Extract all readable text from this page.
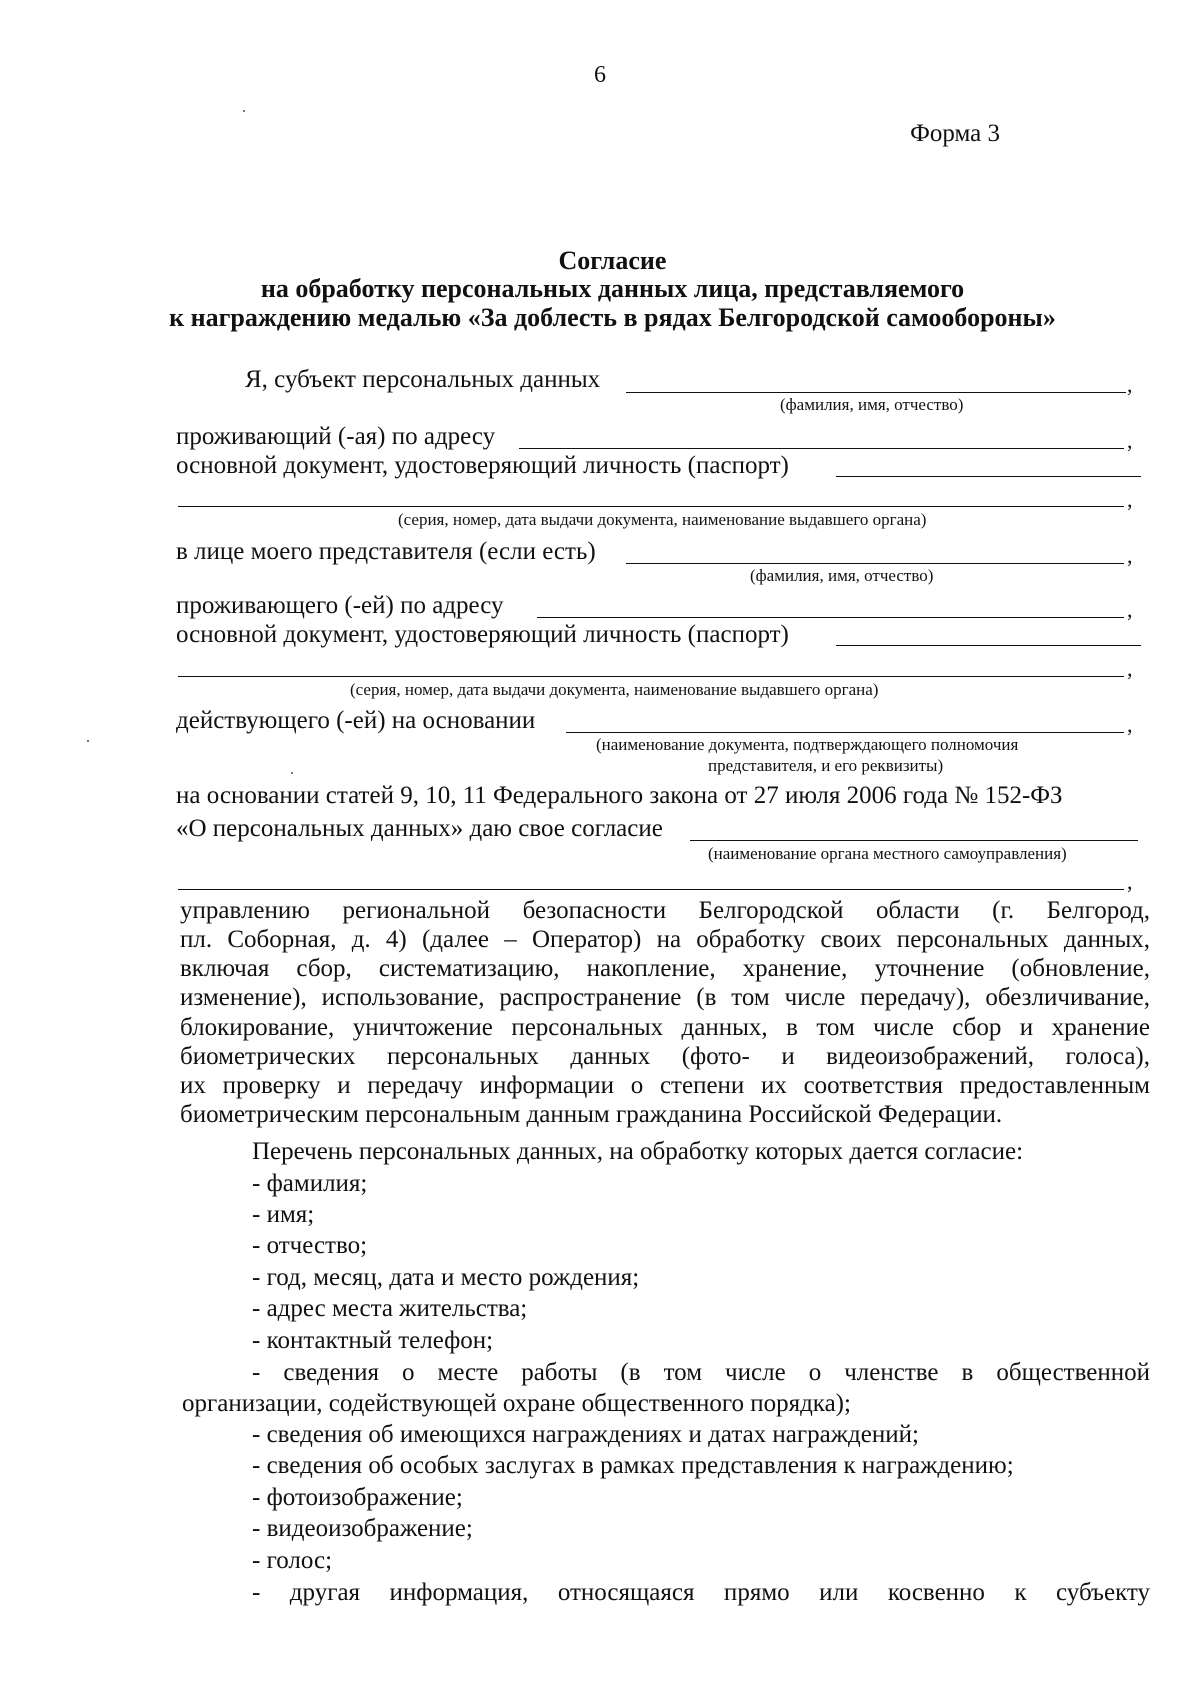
6
Форма 3
Согласие
на обработку персональных данных лица, представляемого
к награждению медалью «За доблесть в рядах Белгородской самообороны»
Я, субъект персональных данных	,
(фамилия, имя, отчество)
проживающий (-ая) по адресу	,
основной документ, удостоверяющий личность (паспорт)
,
(серия, номер, дата выдачи документа, наименование выдавшего органа)
в лице моего представителя (если есть)	,
(фамилия, имя, отчество)
проживающего (-ей) по адресу	,
основной документ, удостоверяющий личность (паспорт)
,
(серия, номер, дата выдачи документа, наименование выдавшего органа)
действующего (-ей) на основании	,
(наименование документа, подтверждающего полномочия
представителя, и его реквизиты)
на основании статей 9, 10, 11 Федерального закона от 27 июля 2006 года № 152-ФЗ
«О персональных данных» даю свое согласие
(наименование органа местного самоуправления)
,
управлению региональной безопасности Белгородской области (г. Белгород,
пл. Соборная, д. 4) (далее – Оператор) на обработку своих персональных данных,
включая сбор, систематизацию, накопление, хранение, уточнение (обновление,
изменение), использование, распространение (в том числе передачу), обезличивание,
блокирование, уничтожение персональных данных, в том числе сбор и хранение
биометрических персональных данных (фото- и видеоизображений, голоса),
их проверку и передачу информации о степени их соответствия предоставленным
биометрическим персональным данным гражданина Российской Федерации.
Перечень персональных данных, на обработку которых дается согласие:
- фамилия;
- имя;
- отчество;
- год, месяц, дата и место рождения;
- адрес места жительства;
- контактный телефон;
- сведения о месте работы (в том числе о членстве в общественной
организации, содействующей охране общественного порядка);
- сведения об имеющихся награждениях и датах награждений;
- сведения об особых заслугах в рамках представления к награждению;
- фотоизображение;
- видеоизображение;
- голос;
- другая информация, относящаяся прямо или косвенно к субъекту
